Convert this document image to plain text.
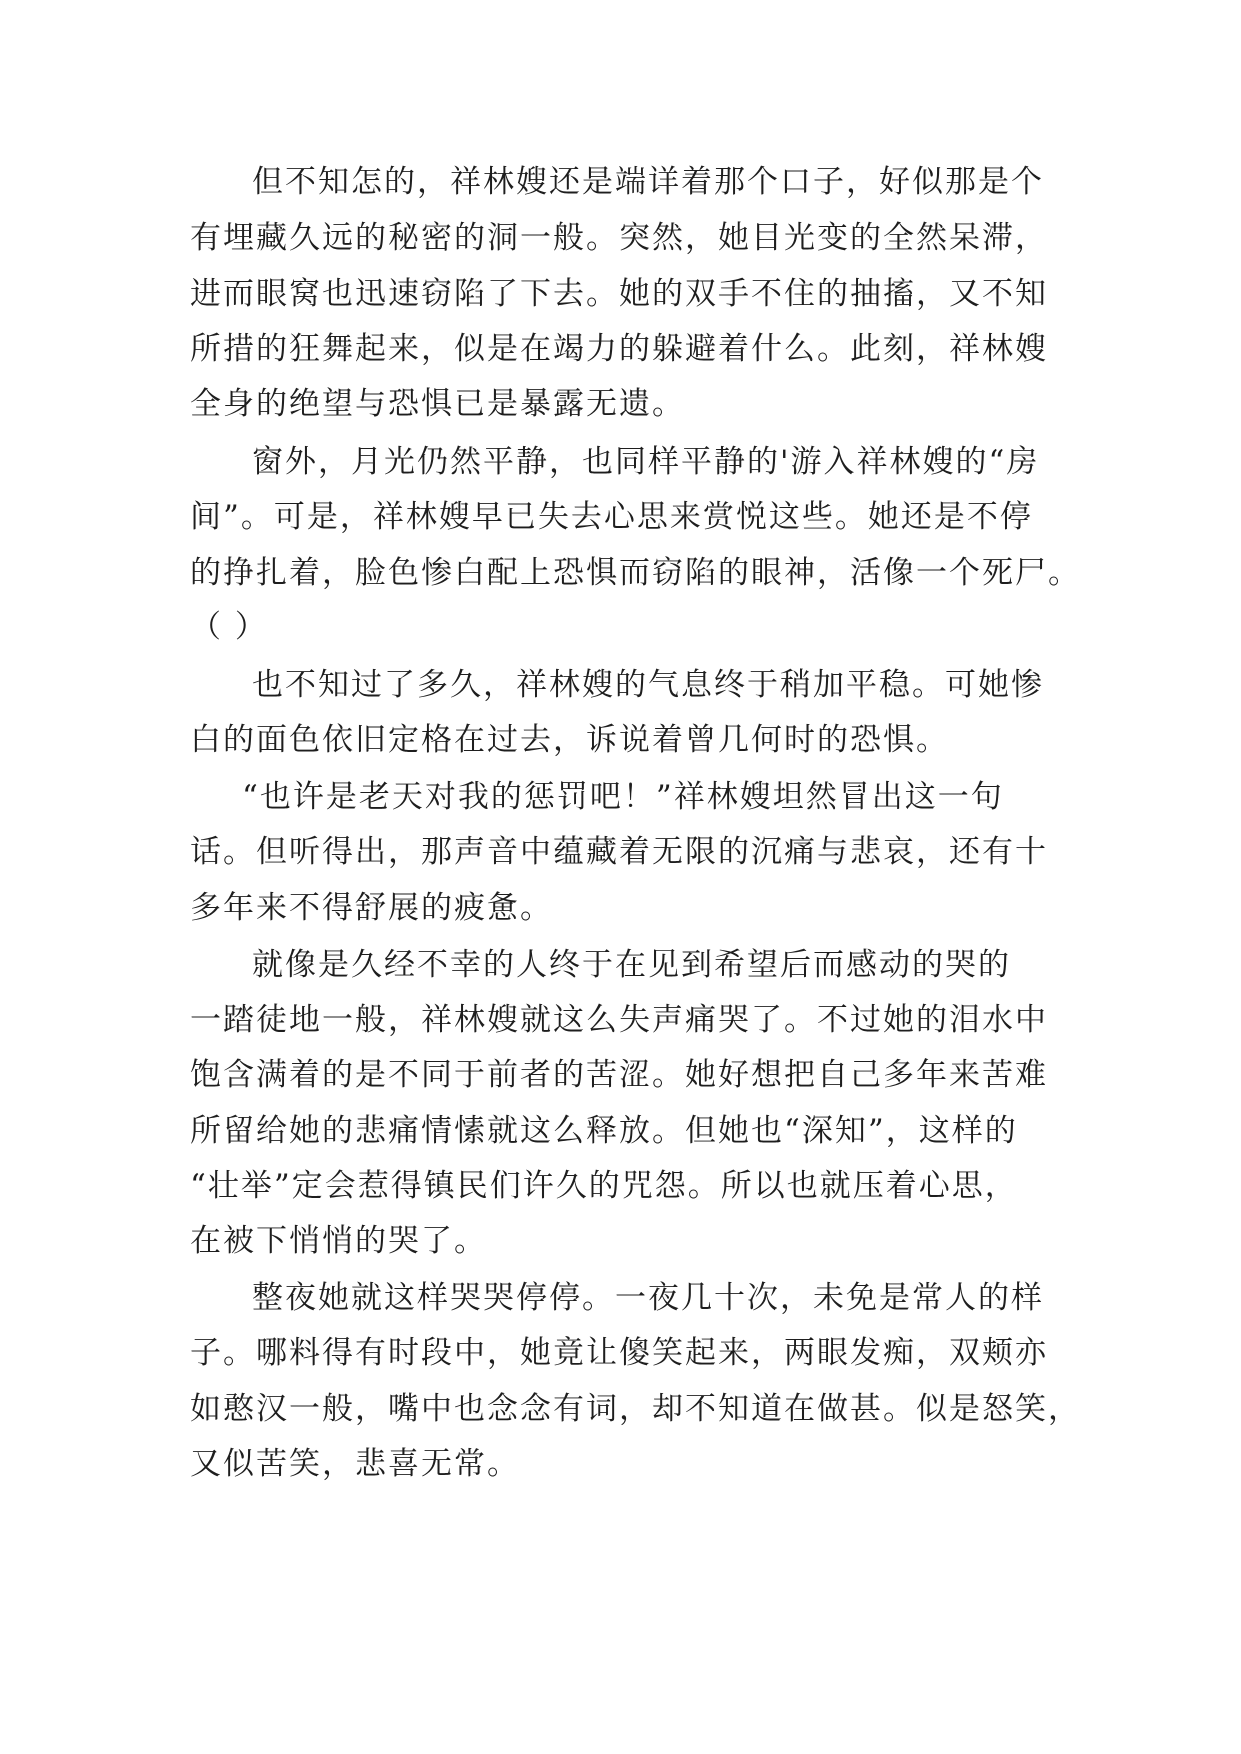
但不知怎的，祥林嫂还是端详着那个口子，好似那是个
有埋藏久远的秘密的洞一般。突然，她目光变的全然呆滞，
进而眼窝也迅速窃陷了下去。她的双手不住的抽搐，又不知
所措的狂舞起来，似是在竭力的躲避着什么。此刻，祥林嫂
全身的绝望与恐惧已是暴露无遗。
窗外，月光仍然平静，也同样平静的'游入祥林嫂的“房
间”。可是，祥林嫂早已失去心思来赏悦这些。她还是不停
的挣扎着，脸色惨白配上恐惧而窃陷的眼神，活像一个死尸。
（ ）
也不知过了多久，祥林嫂的气息终于稍加平稳。可她惨
白的面色依旧定格在过去，诉说着曾几何时的恐惧。
“也许是老天对我的惩罚吧！”祥林嫂坦然冒出这一句
话。但听得出，那声音中蕴藏着无限的沉痛与悲哀，还有十
多年来不得舒展的疲惫。
就像是久经不幸的人终于在见到希望后而感动的哭的
一踏徒地一般，祥林嫂就这么失声痛哭了。不过她的泪水中
饱含满着的是不同于前者的苦涩。她好想把自己多年来苦难
所留给她的悲痛情愫就这么释放。但她也“深知”，这样的
“壮举”定会惹得镇民们许久的咒怨。所以也就压着心思，
在被下悄悄的哭了。
整夜她就这样哭哭停停。一夜几十次，未免是常人的样
子。哪料得有时段中，她竟让傻笑起来，两眼发痴，双颊亦
如憨汉一般，嘴中也念念有词，却不知道在做甚。似是怒笑，
又似苦笑，悲喜无常。
